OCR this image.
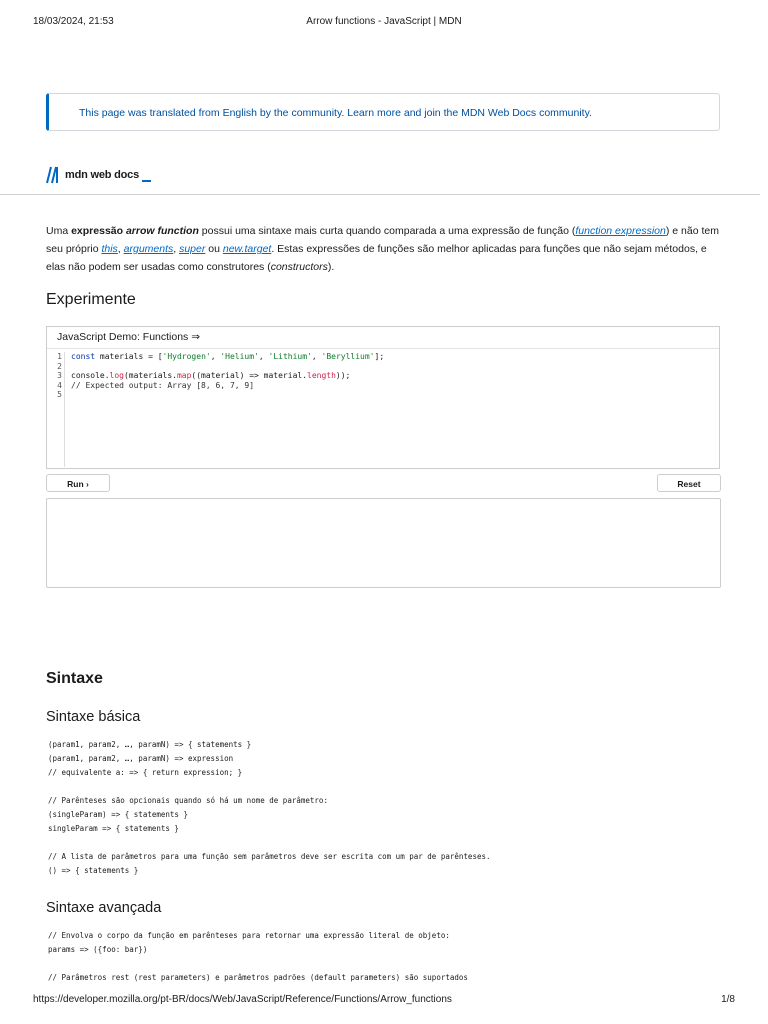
18/03/2024, 21:53	Arrow functions - JavaScript | MDN
This page was translated from English by the community. Learn more and join the MDN Web Docs community.
mdn web docs
Uma expressão arrow function possui uma sintaxe mais curta quando comparada a uma expressão de função (function expression) e não tem seu próprio this, arguments, super ou new.target. Estas expressões de funções são melhor aplicadas para funções que não sejam métodos, e elas não podem ser usadas como construtores (constructors).
Experimente
JavaScript Demo: Functions ⇒
1
2
3
4
5
const materials = ['Hydrogen', 'Helium', 'Lithium', 'Beryllium'];
console.log(materials.map((material) => material.length));
// Expected output: Array [8, 6, 7, 9]
Run ›	Reset
Sintaxe
Sintaxe básica
(param1, param2, …, paramN) => { statements }
(param1, param2, …, paramN) => expression
// equivalente a: => { return expression; }
// Parênteses são opcionais quando só há um nome de parâmetro:
(singleParam) => { statements }
singleParam => { statements }
// A lista de parâmetros para uma função sem parâmetros deve ser escrita com um par de parênteses.
() => { statements }
Sintaxe avançada
// Envolva o corpo da função em parênteses para retornar uma expressão literal de objeto:
params => ({foo: bar})
// Parâmetros rest (rest parameters) e parâmetros padrões (default parameters) são suportados
https://developer.mozilla.org/pt-BR/docs/Web/JavaScript/Reference/Functions/Arrow_functions	1/8
